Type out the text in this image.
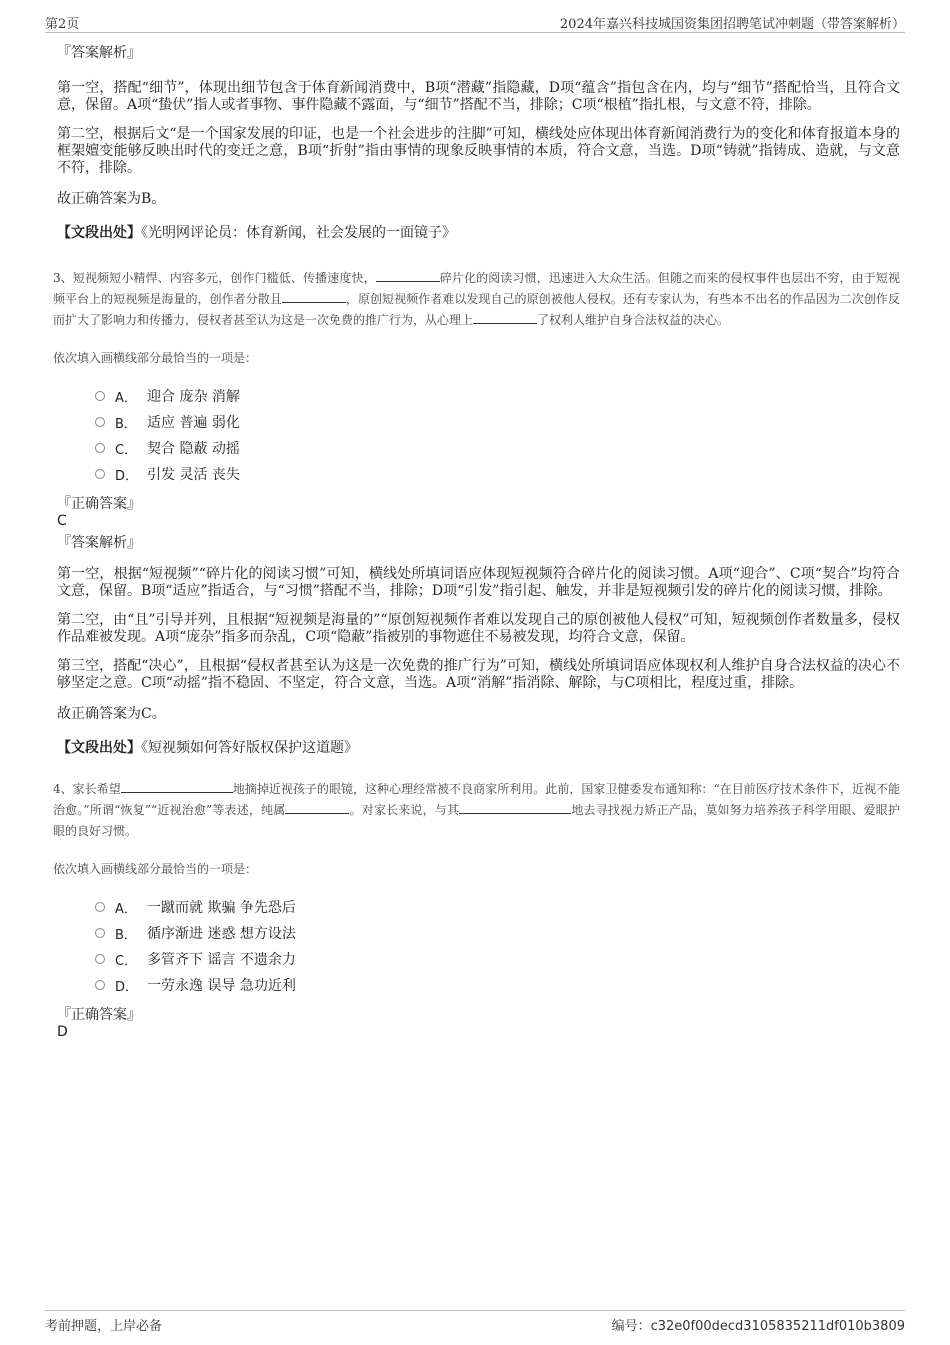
第2页	2024年嘉兴科技城国资集团招聘笔试冲刺题（带答案解析）

『答案解析』

第一空，搭配“细节”，体现出细节包含于体育新闻消费中，B项“潜藏”指隐藏，D项“蕴含”指包含在内，均与“细节”搭配恰当，且符合文意，保留。A项“蛰伏”指人或者事物、事件隐藏不露面，与“细节”搭配不当，排除；C项“根植”指扎根，与文意不符，排除。

第二空，根据后文“是一个国家发展的印证，也是一个社会进步的注脚”可知，横线处应体现出体育新闻消费行为的变化和体育报道本身的框架嬗变能够反映出时代的变迁之意，B项“折射”指由事情的现象反映事情的本质，符合文意，当选。D项“铸就”指铸成、造就，与文意不符，排除。

故正确答案为B。

【文段出处】《光明网评论员：体育新闻，社会发展的一面镜子》

3、短视频短小精悍、内容多元，创作门槛低、传播速度快，	碎片化的阅读习惯，迅速进入大众生活。但随之而来的侵权事件也层出不穷，由于短视频平台上的短视频是海量的，创作者分散且	，原创短视频作者难以发现自己的原创被他人侵权。还有专家认为，有些本不出名的作品因为二次创作反而扩大了影响力和传播力，侵权者甚至认为这是一次免费的推广行为，从心理上	了权利人维护自身合法权益的决心。

依次填入画横线部分最恰当的一项是：

A． 迎合 庞杂 消解
B． 适应 普遍 弱化
C． 契合 隐蔽 动摇
D． 引发 灵活 丧失

『正确答案』

C

『答案解析』

第一空，根据“短视频”“碎片化的阅读习惯”可知，横线处所填词语应体现短视频符合碎片化的阅读习惯。A项“迎合”、C项“契合”均符合文意，保留。B项“适应”指适合，与“习惯”搭配不当，排除；D项“引发”指引起、触发，并非是短视频引发的碎片化的阅读习惯，排除。

第二空，由“且”引导并列，且根据“短视频是海量的”“原创短视频作者难以发现自己的原创被他人侵权”可知，短视频创作者数量多，侵权作品难被发现。A项“庞杂”指多而杂乱，C项“隐蔽”指被别的事物遮住不易被发现，均符合文意，保留。

第三空，搭配“决心”，且根据“侵权者甚至认为这是一次免费的推广行为”可知，横线处所填词语应体现权利人维护自身合法权益的决心不够坚定之意。C项“动摇”指不稳固、不坚定，符合文意，当选。A项“消解”指消除、解除，与C项相比，程度过重，排除。

故正确答案为C。

【文段出处】《短视频如何答好版权保护这道题》

4、家长希望	地摘掉近视孩子的眼镜，这种心理经常被不良商家所利用。此前，国家卫健委发布通知称：“在目前医疗技术条件下，近视不能治愈。”所谓“恢复”“近视治愈”等表述，纯属	。对家长来说，与其	地去寻找视力矫正产品，莫如努力培养孩子科学用眼、爱眼护眼的良好习惯。

依次填入画横线部分最恰当的一项是：

A． 一蹴而就 欺骗 争先恐后
B． 循序渐进 迷惑 想方设法
C． 多管齐下 谣言 不遗余力
D． 一劳永逸 误导 急功近利

『正确答案』

D

考前押题，上岸必备	编号：c32e0f00decd3105835211df010b3809
